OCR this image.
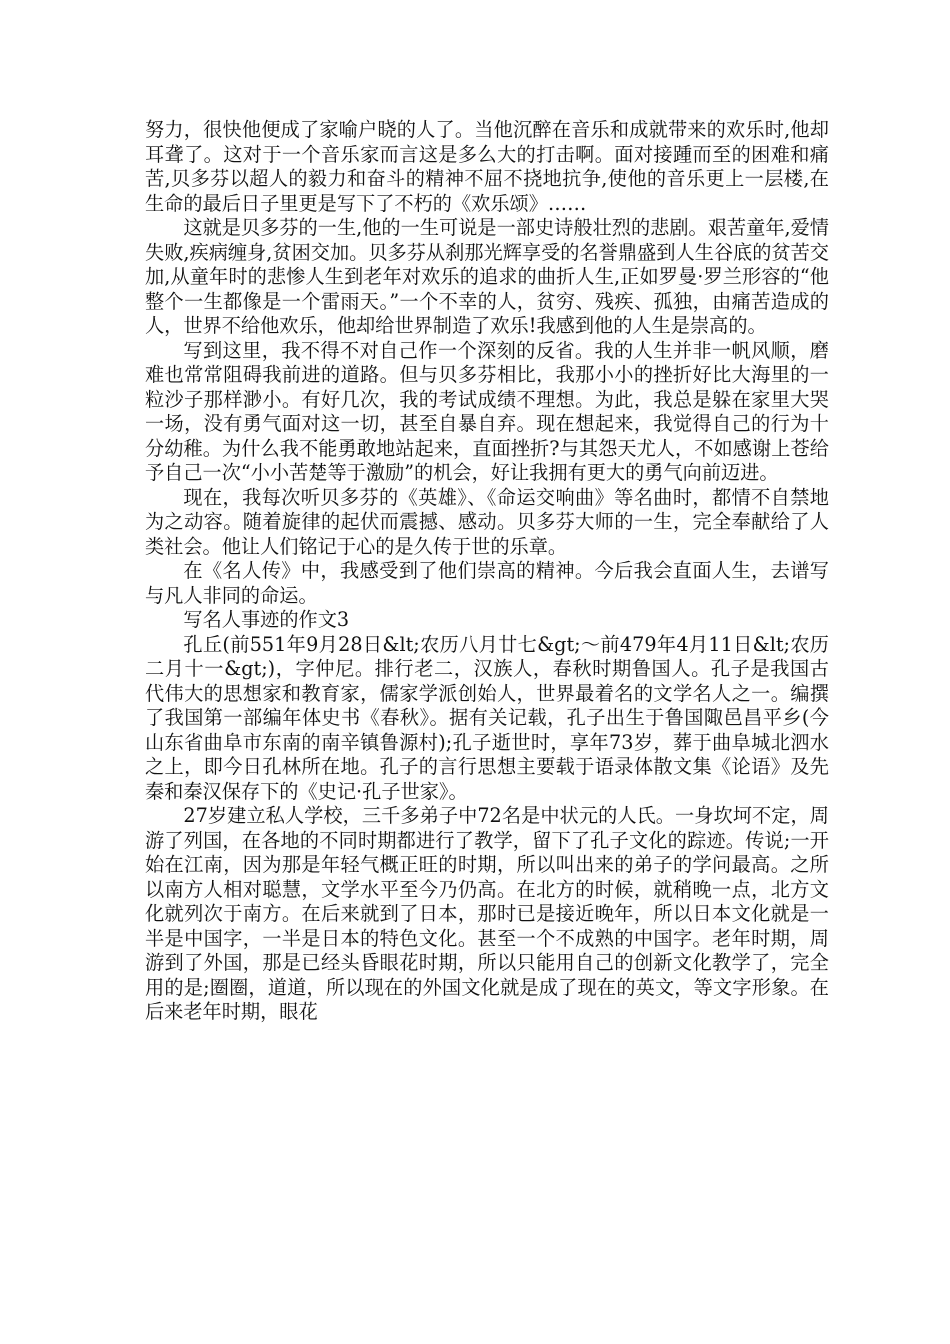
努力，很快他便成了家喻户晓的人了。当他沉醉在音乐和成就带来的欢乐时,他却耳聋了。这对于一个音乐家而言这是多么大的打击啊。面对接踵而至的困难和痛苦,贝多芬以超人的毅力和奋斗的精神不屈不挠地抗争,使他的音乐更上一层楼,在生命的最后日子里更是写下了不朽的《欢乐颂》……

这就是贝多芬的一生,他的一生可说是一部史诗般壮烈的悲剧。艰苦童年,爱情失败,疾病缠身,贫困交加。贝多芬从刹那光辉享受的名誉鼎盛到人生谷底的贫苦交加,从童年时的悲惨人生到老年对欢乐的追求的曲折人生,正如罗曼·罗兰形容的“他整个一生都像是一个雷雨天。”一个不幸的人，贫穷、残疾、孤独，由痛苦造成的人，世界不给他欢乐，他却给世界制造了欢乐!我感到他的人生是崇高的。

写到这里，我不得不对自己作一个深刻的反省。我的人生并非一帆风顺，磨难也常常阻碍我前进的道路。但与贝多芬相比，我那小小的挫折好比大海里的一粒沙子那样渺小。有好几次，我的考试成绩不理想。为此，我总是躲在家里大哭一场，没有勇气面对这一切，甚至自暴自弃。现在想起来，我觉得自己的行为十分幼稚。为什么我不能勇敢地站起来，直面挫折?与其怨天尤人，不如感谢上苍给予自己一次“小小苦楚等于激励”的机会，好让我拥有更大的勇气向前迈进。

现在，我每次听贝多芬的《英雄》、《命运交响曲》等名曲时，都情不自禁地为之动容。随着旋律的起伏而震撼、感动。贝多芬大师的一生，完全奉献给了人类社会。他让人们铭记于心的是久传于世的乐章。

在《名人传》中，我感受到了他们崇高的精神。今后我会直面人生，去谱写与凡人非同的命运。

写名人事迹的作文3

孔丘(前551年9月28日&lt;农历八月廿七&gt;～前479年4月11日&lt;农历二月十一&gt;)，字仲尼。排行老二，汉族人，春秋时期鲁国人。孔子是我国古代伟大的思想家和教育家，儒家学派创始人，世界最着名的文学名人之一。编撰了我国第一部编年体史书《春秋》。据有关记载，孔子出生于鲁国陬邑昌平乡(今山东省曲阜市东南的南辛镇鲁源村);孔子逝世时，享年73岁，葬于曲阜城北泗水之上，即今日孔林所在地。孔子的言行思想主要载于语录体散文集《论语》及先秦和秦汉保存下的《史记·孔子世家》。

27岁建立私人学校，三千多弟子中72名是中状元的人氏。一身坎坷不定，周游了列国，在各地的不同时期都进行了教学，留下了孔子文化的踪迹。传说;一开始在江南，因为那是年轻气概正旺的时期，所以叫出来的弟子的学问最高。之所以南方人相对聪慧，文学水平至今乃仍高。在北方的时候，就稍晚一点，北方文化就列次于南方。在后来就到了日本，那时已是接近晚年，所以日本文化就是一半是中国字，一半是日本的特色文化。甚至一个不成熟的中国字。老年时期，周游到了外国，那是已经头昏眼花时期，所以只能用自己的创新文化教学了，完全用的是;圈圈，道道，所以现在的外国文化就是成了现在的英文，等文字形象。在后来老年时期，眼花
